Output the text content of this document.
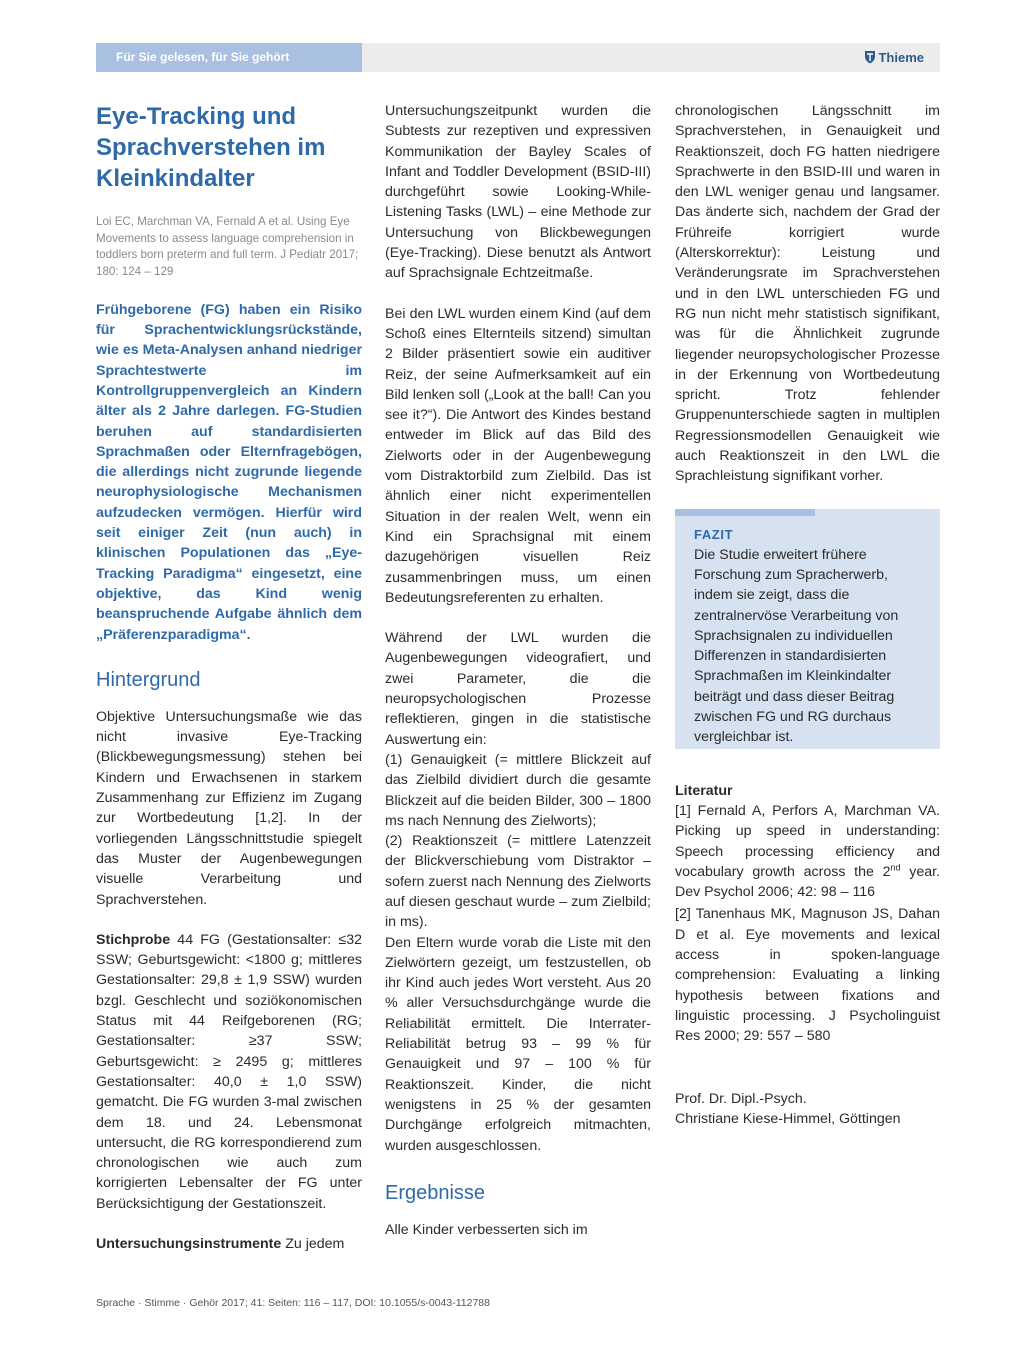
Für Sie gelesen, für Sie gehört	Thieme
Eye-Tracking und Sprachverstehen im Kleinkindalter
Loi EC, Marchman VA, Fernald A et al. Using Eye Movements to assess language comprehension in toddlers born preterm and full term. J Pediatr 2017; 180: 124 – 129
Frühgeborene (FG) haben ein Risiko für Sprachentwicklungsrückstände, wie es Meta-Analysen anhand niedriger Sprachtestwerte im Kontrollgruppenvergleich an Kindern älter als 2 Jahre darlegen. FG-Studien beruhen auf standardisierten Sprachmaßen oder Elternfragebögen, die allerdings nicht zugrunde liegende neurophysiologische Mechanismen aufzudecken vermögen. Hierfür wird seit einiger Zeit (nun auch) in klinischen Populationen das „Eye-Tracking Paradigma“ eingesetzt, eine objektive, das Kind wenig beanspruchende Aufgabe ähnlich dem „Präferenzparadigma“.
Hintergrund

Objektive Untersuchungsmaße wie das nicht invasive Eye-Tracking (Blickbewegungsmessung) stehen bei Kindern und Erwachsenen in starkem Zusammenhang zur Effizienz im Zugang zur Wortbedeutung [1,2]. In der vorliegenden Längsschnittstudie spiegelt das Muster der Augenbewegungen visuelle Verarbeitung und Sprachverstehen.

Stichprobe 44 FG (Gestationsalter: ≤32 SSW; Geburtsgewicht: <1800 g; mittleres Gestationsalter: 29,8 ± 1,9 SSW) wurden bzgl. Geschlecht und soziökonomischen Status mit 44 Reifgeborenen (RG; Gestationsalter: ≥37 SSW; Geburtsgewicht: ≥ 2495 g; mittleres Gestationsalter: 40,0 ± 1,0 SSW) gematcht. Die FG wurden 3-mal zwischen dem 18. und 24. Lebensmonat untersucht, die RG korrespondierend zum chronologischen wie auch zum korrigierten Lebensalter der FG unter Berücksichtigung der Gestationszeit.

Untersuchungsinstrumente Zu jedem

Untersuchungszeitpunkt wurden die Subtests zur rezeptiven und expressiven Kommunikation der Bayley Scales of Infant and Toddler Development (BSID-III) durchgeführt sowie Looking-While-Listening Tasks (LWL) – eine Methode zur Untersuchung von Blickbewegungen (Eye-Tracking). Diese benutzt als Antwort auf Sprachsignale Echtzeitmaße.

Bei den LWL wurden einem Kind (auf dem Schoß eines Elternteils sitzend) simultan 2 Bilder präsentiert sowie ein auditiver Reiz, der seine Aufmerksamkeit auf ein Bild lenken soll („Look at the ball! Can you see it?“). Die Antwort des Kindes bestand entweder im Blick auf das Bild des Zielworts oder in der Augenbewegung vom Distraktorbild zum Zielbild. Das ist ähnlich einer nicht experimentellen Situation in der realen Welt, wenn ein Kind ein Sprachsignal mit einem dazugehörigen visuellen Reiz zusammenbringen muss, um einen Bedeutungsreferenten zu erhalten.

Während der LWL wurden die Augenbewegungen videografiert, und zwei Parameter, die die neuropsychologischen Prozesse reflektieren, gingen in die statistische Auswertung ein:

(1) Genauigkeit (= mittlere Blickzeit auf das Zielbild dividiert durch die gesamte Blickzeit auf die beiden Bilder, 300 – 1800 ms nach Nennung des Zielworts);

(2) Reaktionszeit (= mittlere Latenzzeit der Blickverschiebung vom Distraktor – sofern zuerst nach Nennung des Zielworts auf diesen geschaut wurde – zum Zielbild; in ms).

Den Eltern wurde vorab die Liste mit den Zielwörtern gezeigt, um festzustellen, ob ihr Kind auch jedes Wort versteht. Aus 20 % aller Versuchsdurchgänge wurde die Reliabilität ermittelt. Die Interrater-Reliabilität betrug 93 – 99 % für Genauigkeit und 97 – 100 % für Reaktionszeit. Kinder, die nicht wenigstens in 25 % der gesamten Durchgänge erfolgreich mitmachten, wurden ausgeschlossen.

Ergebnisse

Alle Kinder verbesserten sich im

chronologischen Längsschnitt im Sprachverstehen, in Genauigkeit und Reaktionszeit, doch FG hatten niedrigere Sprachwerte in den BSID-III und waren in den LWL weniger genau und langsamer. Das änderte sich, nachdem der Grad der Frühreife korrigiert wurde (Alterskorrektur): Leistung und Veränderungsrate im Sprachverstehen und in den LWL unterschieden FG und RG nun nicht mehr statistisch signifikant, was für die Ähnlichkeit zugrunde liegender neuropsychologischer Prozesse in der Erkennung von Wortbedeutung spricht. Trotz fehlender Gruppenunterschiede sagten in multiplen Regressionsmodellen Genauigkeit wie auch Reaktionszeit in den LWL die Sprachleistung signifikant vorher.

FAZIT
Die Studie erweitert frühere Forschung zum Spracherwerb, indem sie zeigt, dass die zentralnervöse Verarbeitung von Sprachsignalen zu individuellen Differenzen in standardisierten Sprachmaßen im Kleinkindalter beiträgt und dass dieser Beitrag zwischen FG und RG durchaus vergleichbar ist.
Literatur

[1] Fernald A, Perfors A, Marchman VA. Picking up speed in understanding: Speech processing efficiency and vocabulary growth across the 2nd year. Dev Psychol 2006; 42: 98 – 116

[2] Tanenhaus MK, Magnuson JS, Dahan D et al. Eye movements and lexical access in spoken-language comprehension: Evaluating a linking hypothesis between fixations and linguistic processing. J Psycholinguist Res 2000; 29: 557 – 580

Prof. Dr. Dipl.-Psych.
Christiane Kiese-Himmel, Göttingen
Sprache · Stimme · Gehör 2017; 41: Seiten: 116 – 117, DOI: 10.1055/s-0043-112788
